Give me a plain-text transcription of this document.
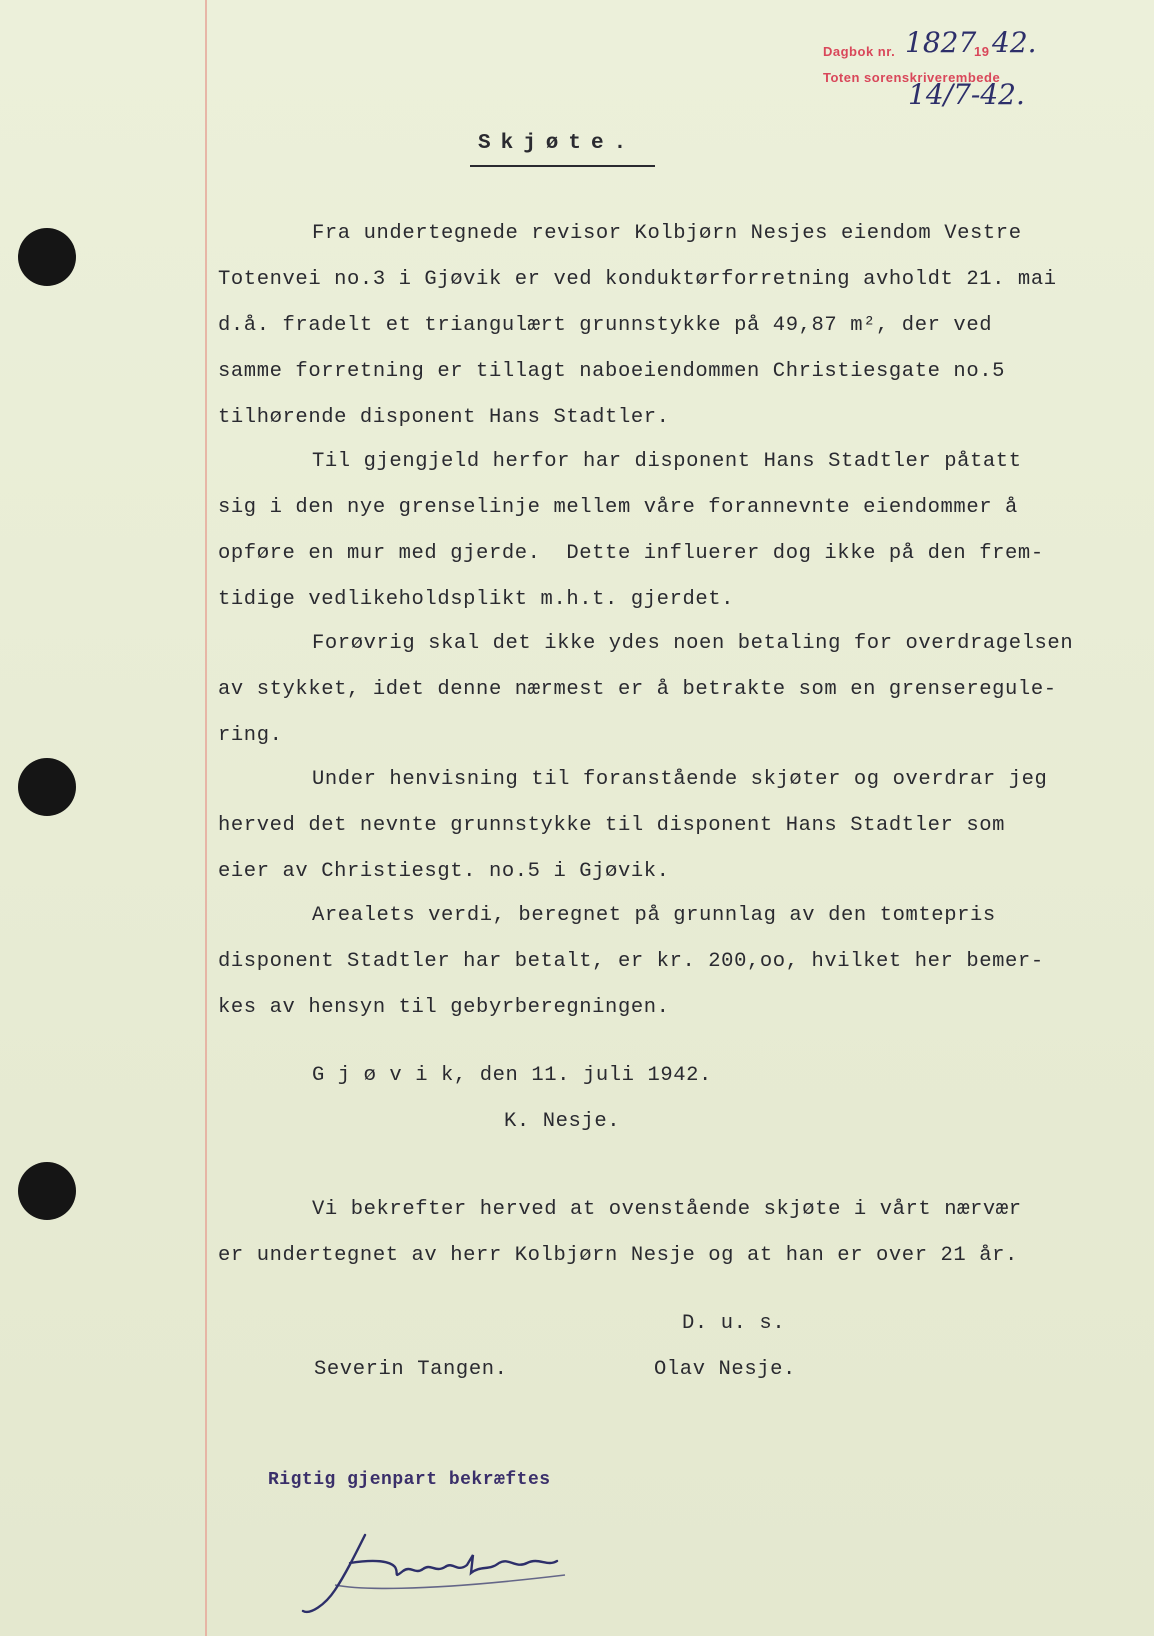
Dagbok nr. 1827
19 42.
Toten sorenskriverembede
14/7-42.
Skjøte.
Fra undertegnede revisor Kolbjørn Nesjes eiendom Vestre
Totenvei no.3 i Gjøvik er ved konduktørforretning avholdt 21. mai
d.å. fradelt et triangulært grunnstykke på 49,87 m², der ved
samme forretning er tillagt naboeiendommen Christiesgate no.5
tilhørende disponent Hans Stadtler.
Til gjengjeld herfor har disponent Hans Stadtler påtatt
sig i den nye grenselinje mellem våre forannevnte eiendommer å
opføre en mur med gjerde.  Dette influerer dog ikke på den frem-
tidige vedlikeholdsplikt m.h.t. gjerdet.
Forøvrig skal det ikke ydes noen betaling for overdragelsen
av stykket, idet denne nærmest er å betrakte som en grenseregule-
ring.
Under henvisning til foranstående skjøter og overdrar jeg
herved det nevnte grunnstykke til disponent Hans Stadtler som
eier av Christiesgt. no.5 i Gjøvik.
Arealets verdi, beregnet på grunnlag av den tomtepris
disponent Stadtler har betalt, er kr. 200,oo, hvilket her bemer-
kes av hensyn til gebyrberegningen.
G j ø v i k, den 11. juli 1942.
K. Nesje.
Vi bekrefter herved at ovenstående skjøte i vårt nærvær
er undertegnet av herr Kolbjørn Nesje og at han er over 21 år.
D. u. s.
Severin Tangen.	Olav Nesje.
Rigtig gjenpart bekræftes
